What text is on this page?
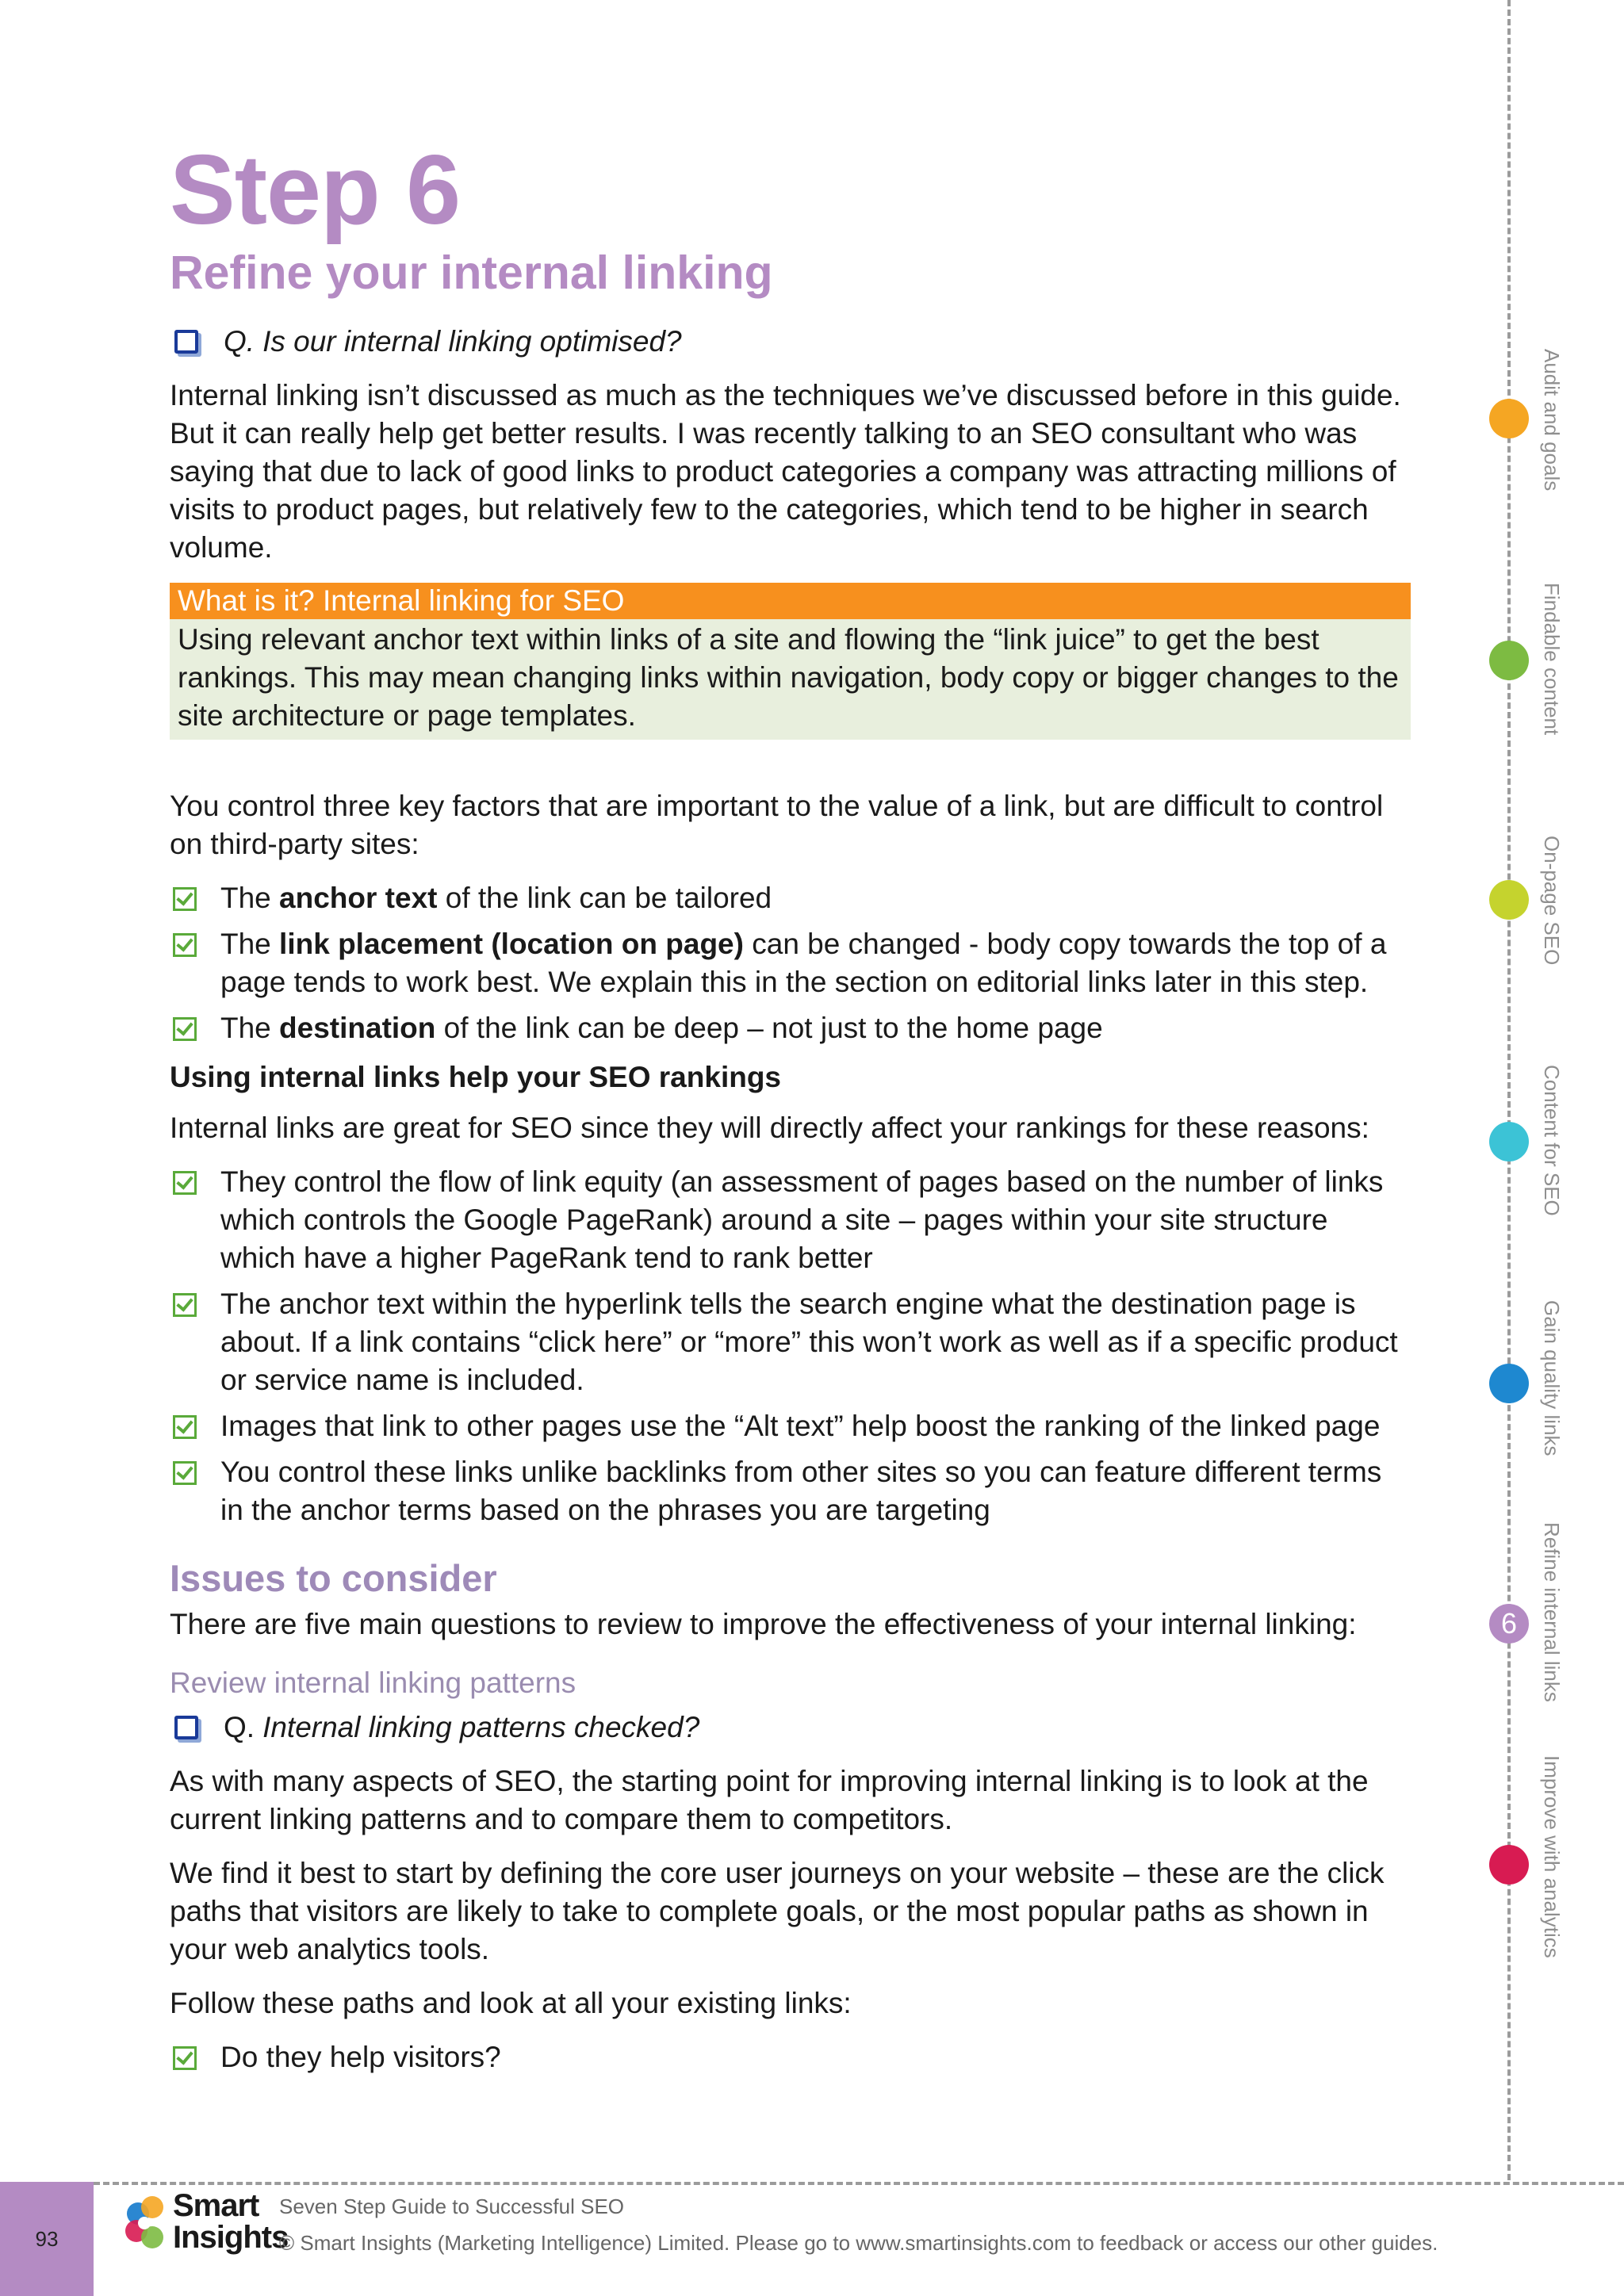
Step 6
Refine your internal linking
Q. Is our internal linking optimised?

Internal linking isn’t discussed as much as the techniques we’ve discussed before in this guide. But it can really help get better results. I was recently talking to an SEO consultant who was saying that due to lack of good links to product categories a company was attracting millions of visits to product pages, but relatively few to the categories, which tend to be higher in search volume.

What is it? Internal linking for SEO
Using relevant anchor text within links of a site and flowing the “link juice” to get the best rankings. This may mean changing links within navigation, body copy or bigger changes to the site architecture or page templates.

You control three key factors that are important to the value of a link, but are difficult to control on third-party sites:

The anchor text of the link can be tailored
The link placement (location on page) can be changed - body copy towards the top of a page tends to work best. We explain this in the section on editorial links later in this step.
The destination of the link can be deep – not just to the home page
Using internal links help your SEO rankings

Internal links are great for SEO since they will directly affect your rankings for these reasons:

They control the flow of link equity (an assessment of pages based on the number of links which controls the Google PageRank) around a site – pages within your site structure which have a higher PageRank tend to rank better
The anchor text within the hyperlink tells the search engine what the destination page is about. If a link contains “click here” or “more” this won’t work as well as if a specific product or service name is included.
Images that link to other pages use the “Alt text” help boost the ranking of the linked page
You control these links unlike backlinks from other sites so you can feature different terms in the anchor terms based on the phrases you are targeting
Issues to consider

There are five main questions to review to improve the effectiveness of your internal linking:

Review internal linking patterns
Q. Internal linking patterns checked?

As with many aspects of SEO, the starting point for improving internal linking is to look at the current linking patterns and to compare them to competitors.

We find it best to start by defining the core user journeys on your website – these are the click paths that visitors are likely to take to complete goals, or the most popular paths as shown in your web analytics tools.

Follow these paths and look at all your existing links:

Do they help visitors?
Audit and goals
Findable content
On-page SEO
Content for SEO
Gain quality links
6	Refine internal links
Improve with analytics
93
Smart
Insights
Seven Step Guide to Successful SEO
© Smart Insights (Marketing Intelligence) Limited. Please go to www.smartinsights.com to feedback or access our other guides.
